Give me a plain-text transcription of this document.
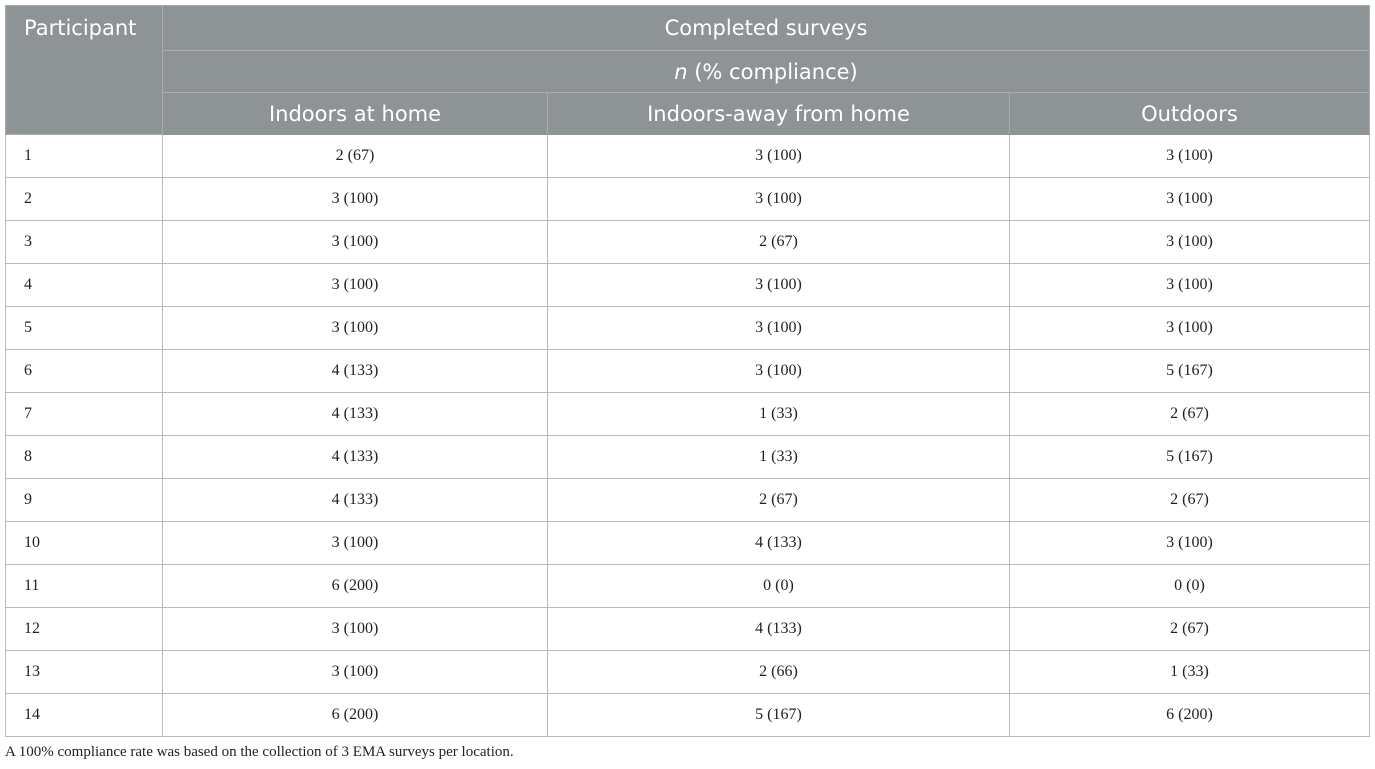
Participant	Completed surveys		
	n (% compliance)		
	Indoors at home	Indoors-away from home	Outdoors
1	2 (67)	3 (100)	3 (100)
2	3 (100)	3 (100)	3 (100)
3	3 (100)	2 (67)	3 (100)
4	3 (100)	3 (100)	3 (100)
5	3 (100)	3 (100)	3 (100)
6	4 (133)	3 (100)	5 (167)
7	4 (133)	1 (33)	2 (67)
8	4 (133)	1 (33)	5 (167)
9	4 (133)	2 (67)	2 (67)
10	3 (100)	4 (133)	3 (100)
11	6 (200)	0 (0)	0 (0)
12	3 (100)	4 (133)	2 (67)
13	3 (100)	2 (66)	1 (33)
14	6 (200)	5 (167)	6 (200)
A 100% compliance rate was based on the collection of 3 EMA surveys per location.
